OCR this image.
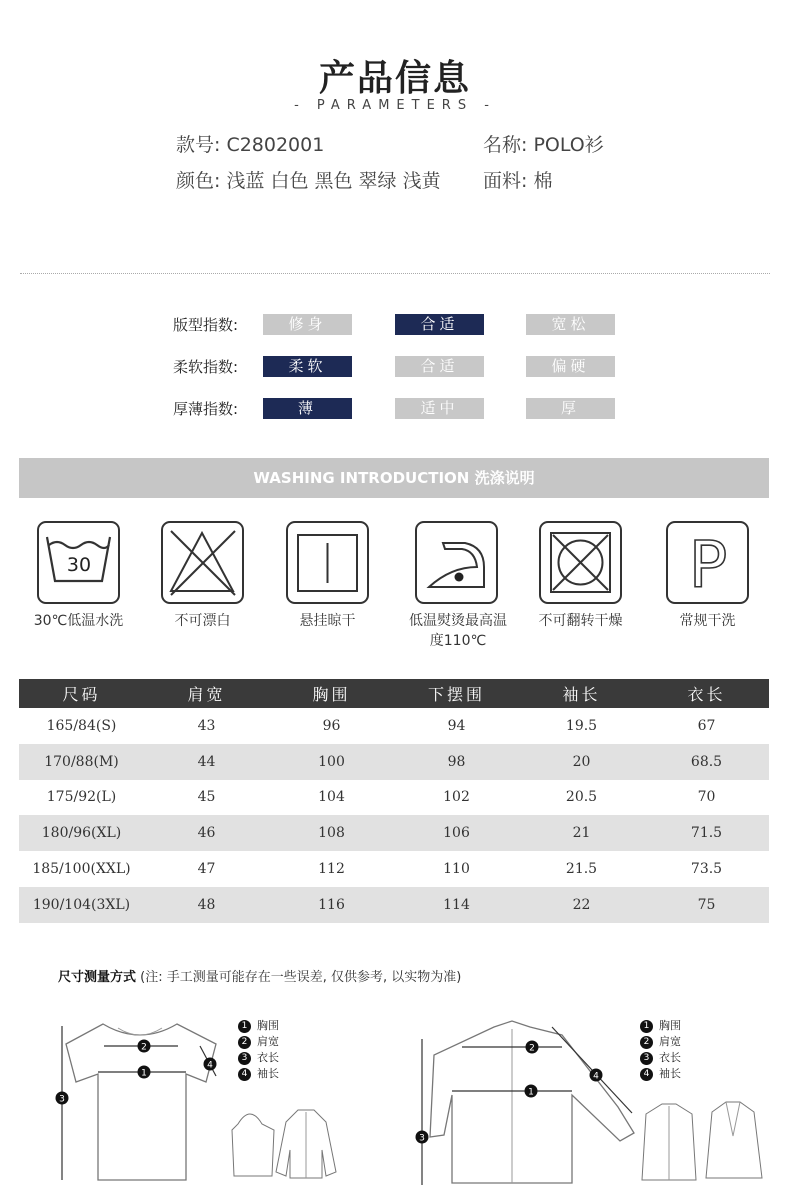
产品信息
- PARAMETERS -
款号: C2802001	名称: POLO衫
颜色: 浅蓝 白色 黑色 翠绿 浅黄 面料: 棉
版型指数:	修身	合适	宽松
柔软指数:	柔软	合适	偏硬
厚薄指数:	薄	适中	厚
WASHING INTRODUCTION 洗涤说明
30	P
30℃低温水洗	不可漂白	悬挂晾干	低温熨烫最高温度110℃
不可翻转干燥	常规干洗
尺码	肩宽	胸围	下摆围	袖长	衣长
165/84(S)	43	96	94	19.5	67
170/88(M)	44	100	98	20	68.5
175/92(L)	45	104	102	20.5	70
180/96(XL)	46	108	106	21	71.5
185/100(XXL)	47	112	110	21.5	73.5
190/104(3XL)	48	116	114	22	75
尺寸测量方式 (注: 手工测量可能存在一些误差, 仅供参考, 以实物为准)
1
2
3
4
1 胸围
2 肩宽
3 衣长
4 袖长
1
2
3
4
1 胸围
2 肩宽
3 衣长
4 袖长
